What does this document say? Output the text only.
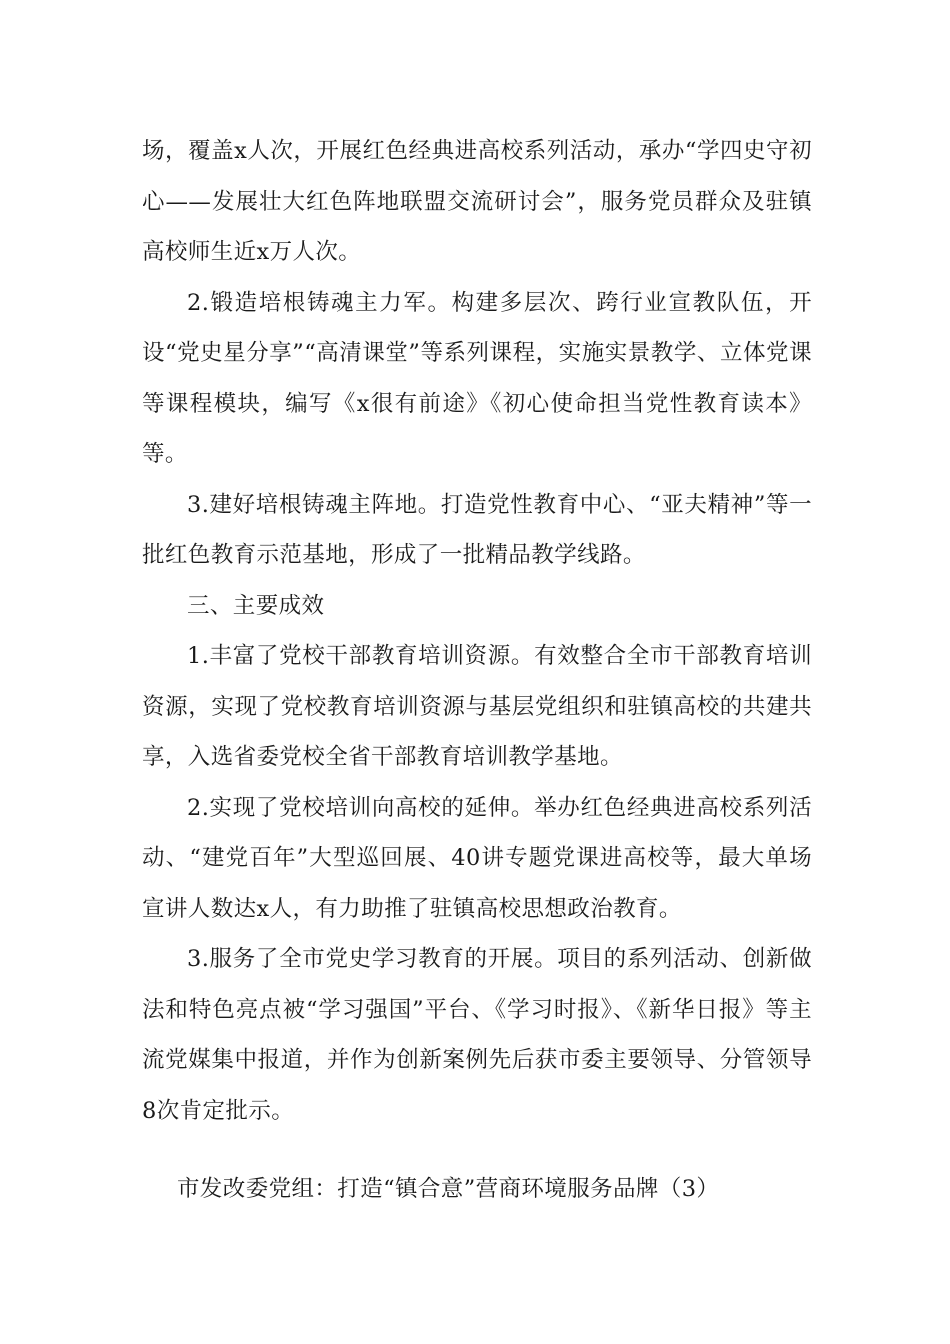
场，覆盖x人次，开展红色经典进高校系列活动，承办“学四史守初心——发展壮大红色阵地联盟交流研讨会”，服务党员群众及驻镇高校师生近x万人次。

2.锻造培根铸魂主力军。构建多层次、跨行业宣教队伍，开设“党史星分享”“高清课堂”等系列课程，实施实景教学、立体党课等课程模块，编写《x很有前途》《初心使命担当党性教育读本》等。

3.建好培根铸魂主阵地。打造党性教育中心、“亚夫精神”等一批红色教育示范基地，形成了一批精品教学线路。

三、主要成效

1.丰富了党校干部教育培训资源。有效整合全市干部教育培训资源，实现了党校教育培训资源与基层党组织和驻镇高校的共建共享，入选省委党校全省干部教育培训教学基地。

2.实现了党校培训向高校的延伸。举办红色经典进高校系列活动、“建党百年”大型巡回展、40讲专题党课进高校等，最大单场宣讲人数达x人，有力助推了驻镇高校思想政治教育。

3.服务了全市党史学习教育的开展。项目的系列活动、创新做法和特色亮点被“学习强国”平台、《学习时报》、《新华日报》等主流党媒集中报道，并作为创新案例先后获市委主要领导、分管领导8次肯定批示。

市发改委党组：打造“镇合意”营商环境服务品牌（3）
